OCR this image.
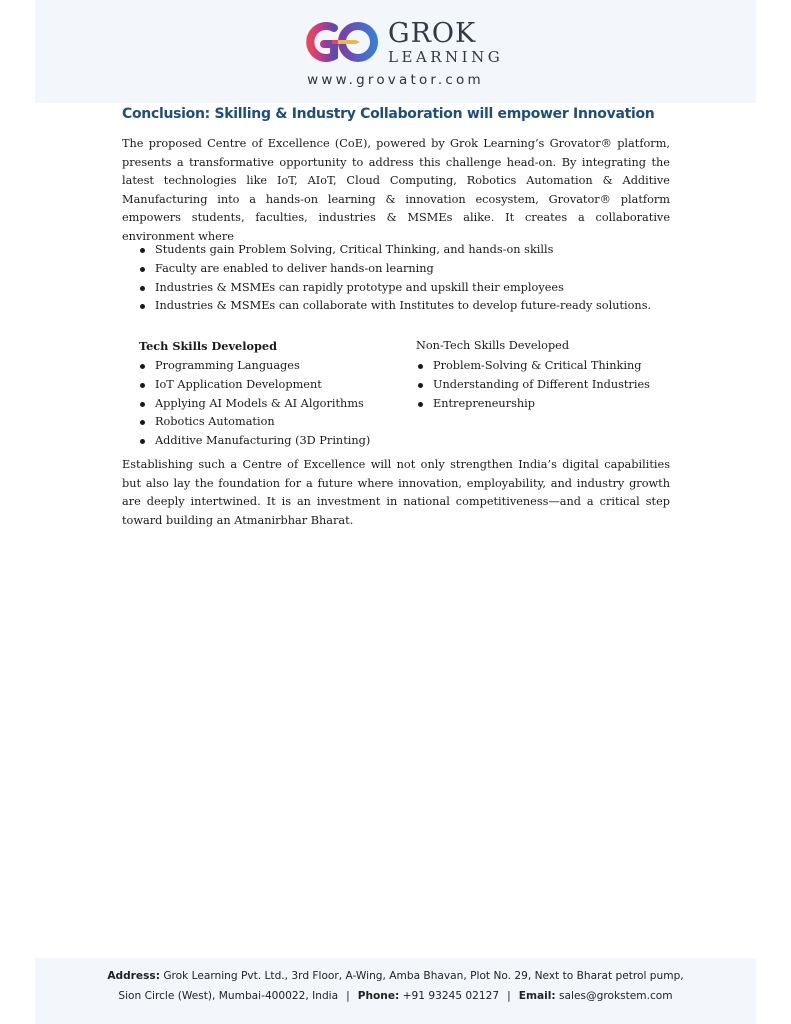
GROK
LEARNING
www.grovator.com
Conclusion: Skilling & Industry Collaboration will empower Innovation

The proposed Centre of Excellence (CoE), powered by Grok Learning’s Grovator® platform, presents a transformative opportunity to address this challenge head-on. By integrating the latest technologies like IoT, AIoT, Cloud Computing, Robotics Automation & Additive Manufacturing into a hands-on learning & innovation ecosystem, Grovator® platform empowers students, faculties, industries & MSMEs alike. It creates a collaborative environment where

Students gain Problem Solving, Critical Thinking, and hands-on skills
Faculty are enabled to deliver hands-on learning
Industries & MSMEs can rapidly prototype and upskill their employees
Industries & MSMEs can collaborate with Institutes to develop future-ready solutions.
Tech Skills Developed	Non-Tech Skills Developed
Programming Languages
IoT Application Development
Applying AI Models & AI Algorithms
Robotics Automation
Additive Manufacturing (3D Printing)
Problem-Solving & Critical Thinking
Understanding of Different Industries
Entrepreneurship

Establishing such a Centre of Excellence will not only strengthen India’s digital capabilities but also lay the foundation for a future where innovation, employability, and industry growth are deeply intertwined. It is an investment in national competitiveness—and a critical step toward building an Atmanirbhar Bharat.

Address: Grok Learning Pvt. Ltd., 3rd Floor, A-Wing, Amba Bhavan, Plot No. 29, Next to Bharat petrol pump,
Sion Circle (West), Mumbai-400022, India | Phone: +91 93245 02127 | Email: sales@grokstem.com
